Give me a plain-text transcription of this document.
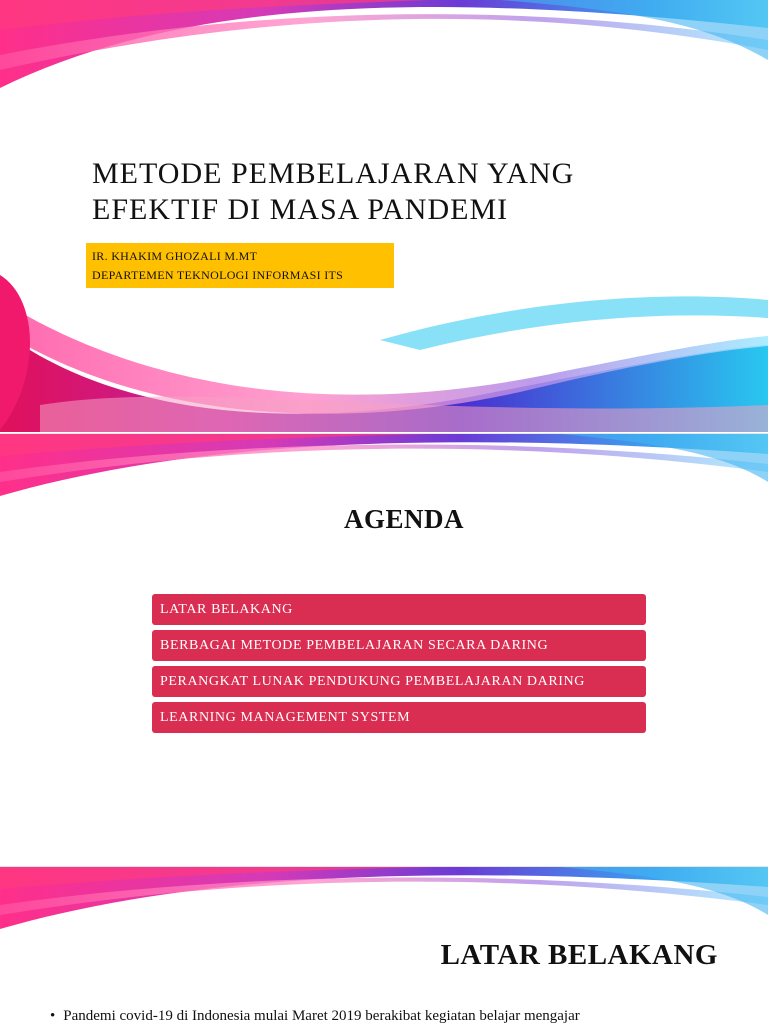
METODE PEMBELAJARAN YANG
EFEKTIF DI MASA PANDEMI
IR. KHAKIM GHOZALI M.MT
DEPARTEMEN TEKNOLOGI INFORMASI ITS
AGENDA
LATAR BELAKANG
BERBAGAI METODE PEMBELAJARAN SECARA DARING
PERANGKAT LUNAK PENDUKUNG PEMBELAJARAN DARING
LEARNING MANAGEMENT SYSTEM
LATAR BELAKANG
• Pandemi covid-19 di Indonesia mulai Maret 2019 berakibat kegiatan belajar mengajar
